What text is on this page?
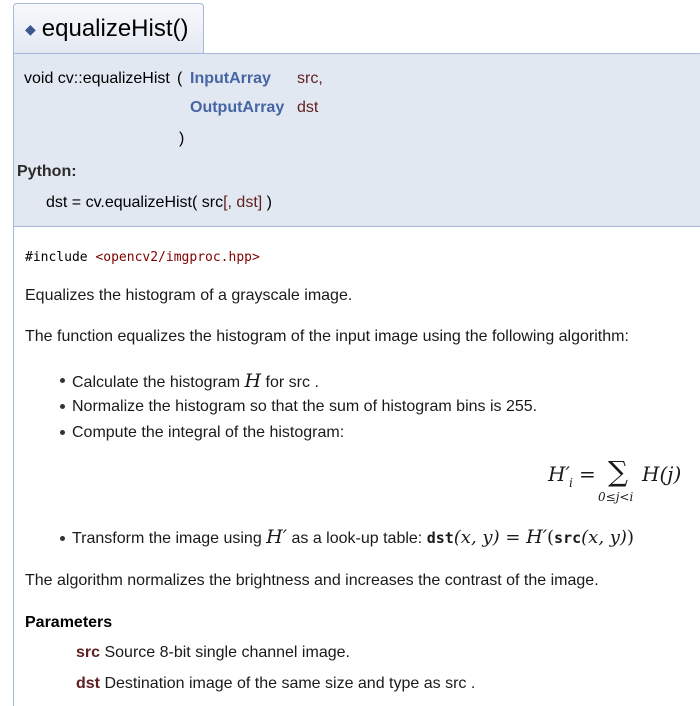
◆ equalizeHist()
void cv::equalizeHist ( InputArray src,
OutputArray dst
)
Python:
dst = cv.equalizeHist( src[, dst] )
#include <opencv2/imgproc.hpp>
Equalizes the histogram of a grayscale image.
The function equalizes the histogram of the input image using the following algorithm:
Calculate the histogram H for src .
Normalize the histogram so that the sum of histogram bins is 255.
Compute the integral of the histogram:
H′ i = ∑
0≤j<i
H(j)
Transform the image using H′ as a look-up table: dst(x, y) = H′(src(x, y))
The algorithm normalizes the brightness and increases the contrast of the image.
Parameters
src Source 8-bit single channel image.
dst Destination image of the same size and type as src .
